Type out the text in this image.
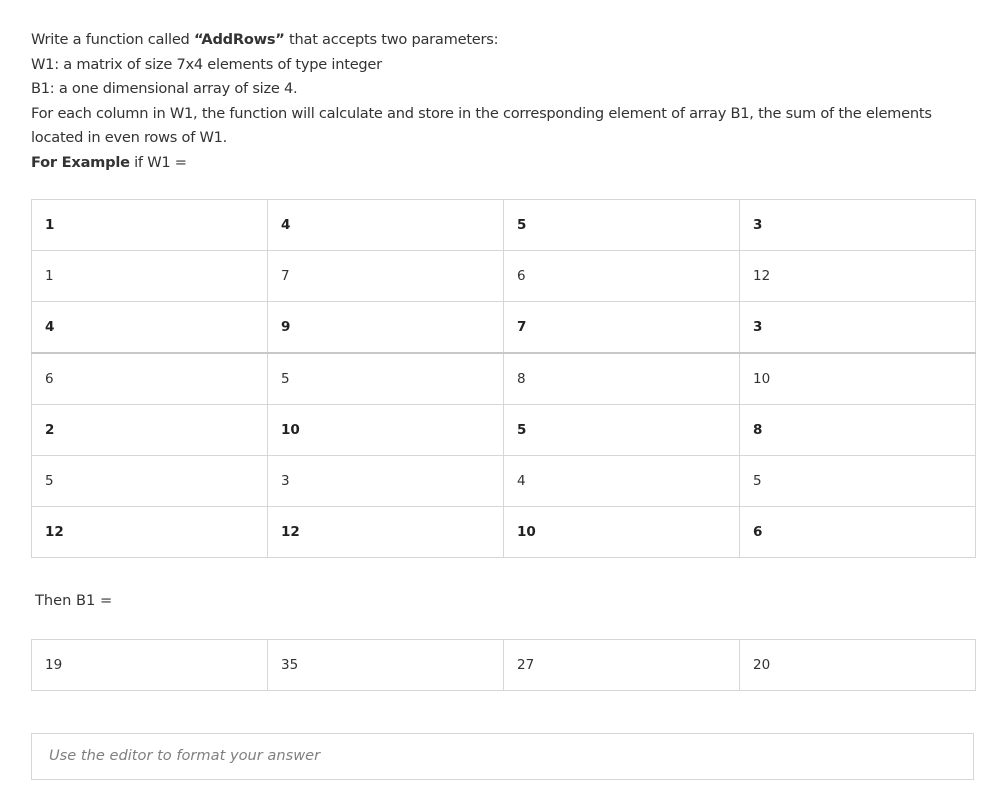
Write a function called “AddRows” that accepts two parameters:

W1: a matrix of size 7x4 elements of type integer

B1: a one dimensional array of size 4.

For each column in W1, the function will calculate and store in the corresponding element of array B1, the sum of the elements located in even rows of W1.

For Example if W1 =

1	4	5	3
1	7	6	12
4	9	7	3
6	5	8	10
2	10	5	8
5	3	4	5
12	12	10	6
Then B1 =
19	35	27	20
Use the editor to format your answer
